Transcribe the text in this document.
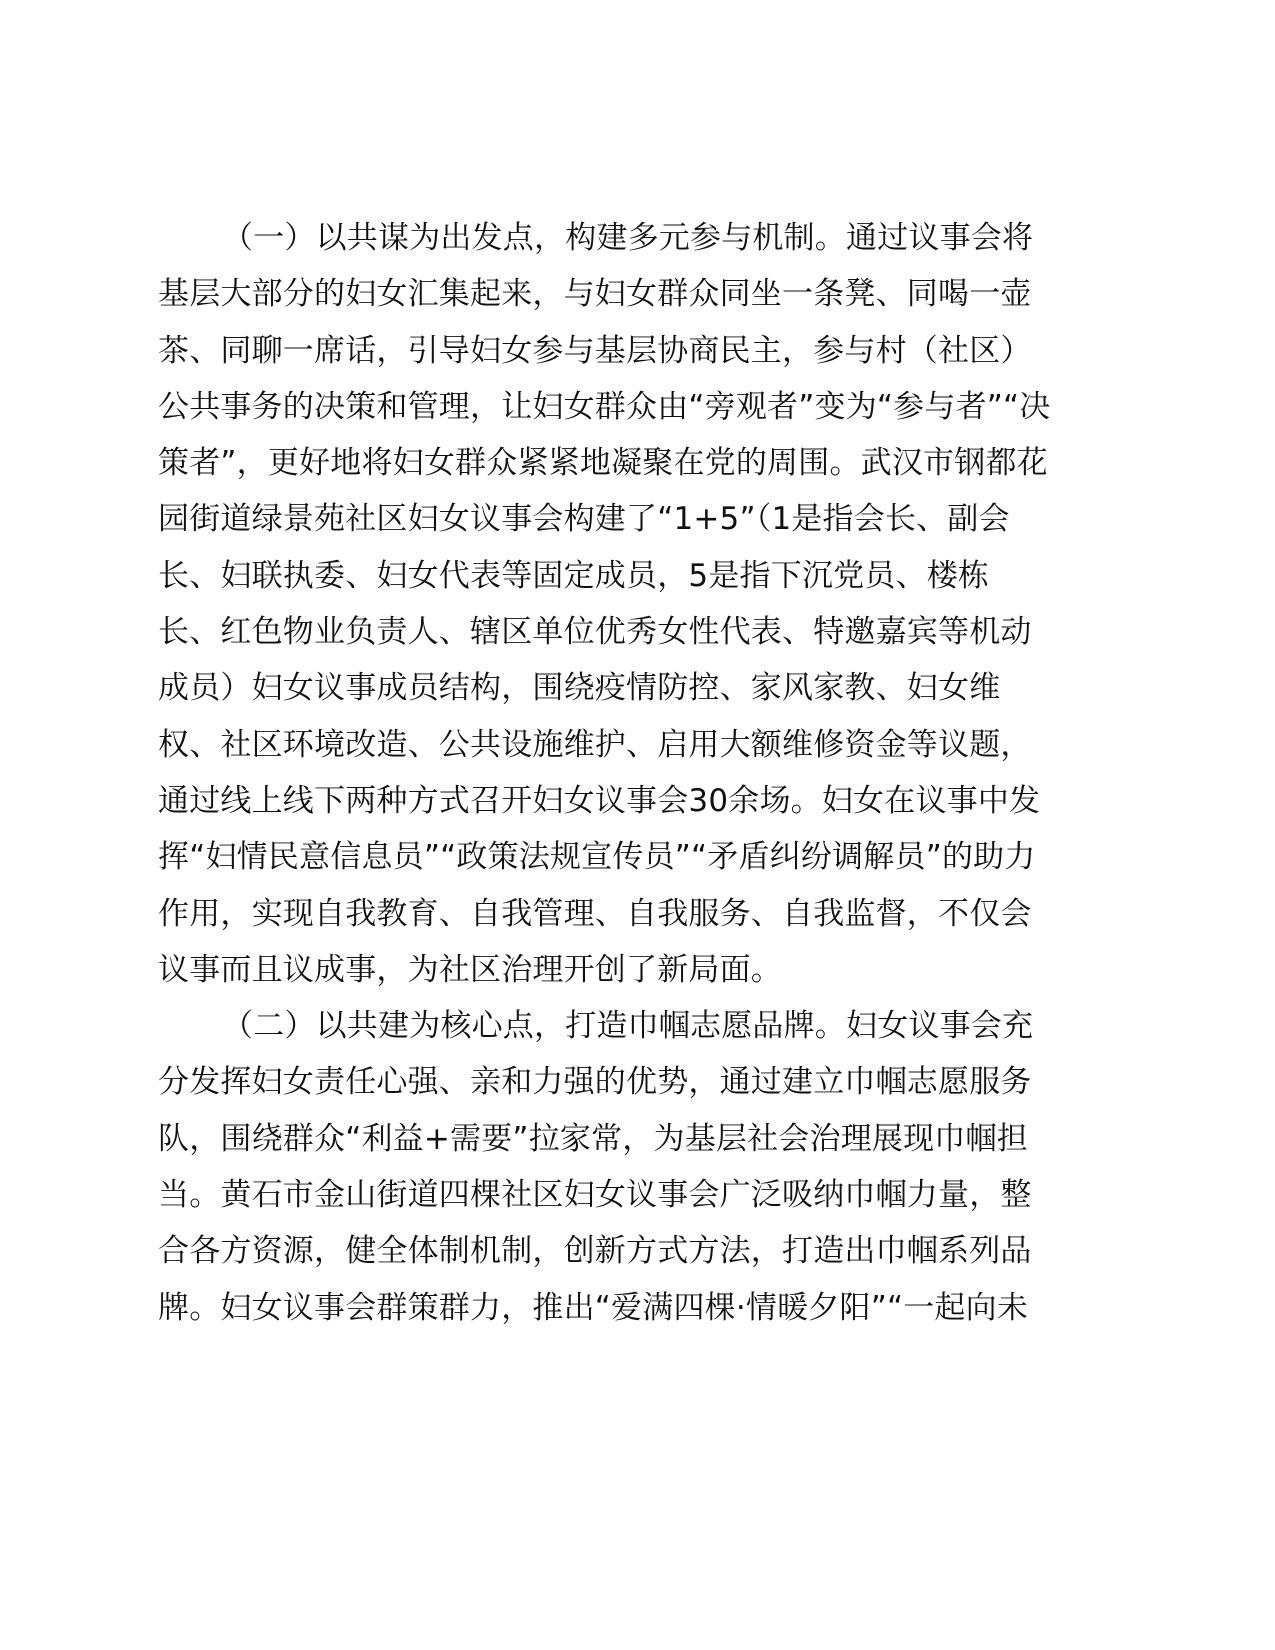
（一）以共谋为出发点，构建多元参与机制。通过议事会将
基层大部分的妇女汇集起来，与妇女群众同坐一条凳、同喝一壶
茶、同聊一席话，引导妇女参与基层协商民主，参与村（社区）
公共事务的决策和管理，让妇女群众由“旁观者”变为“参与者”“决
策者”，更好地将妇女群众紧紧地凝聚在党的周围。武汉市钢都花
园街道绿景苑社区妇女议事会构建了“1+5”（1是指会长、副会
长、妇联执委、妇女代表等固定成员，5是指下沉党员、楼栋
长、红色物业负责人、辖区单位优秀女性代表、特邀嘉宾等机动
成员）妇女议事成员结构，围绕疫情防控、家风家教、妇女维
权、社区环境改造、公共设施维护、启用大额维修资金等议题，
通过线上线下两种方式召开妇女议事会30余场。妇女在议事中发
挥“妇情民意信息员”“政策法规宣传员”“矛盾纠纷调解员”的助力
作用，实现自我教育、自我管理、自我服务、自我监督，不仅会
议事而且议成事，为社区治理开创了新局面。
（二）以共建为核心点，打造巾帼志愿品牌。妇女议事会充
分发挥妇女责任心强、亲和力强的优势，通过建立巾帼志愿服务
队，围绕群众“利益+需要”拉家常，为基层社会治理展现巾帼担
当。黄石市金山街道四棵社区妇女议事会广泛吸纳巾帼力量，整
合各方资源，健全体制机制，创新方式方法，打造出巾帼系列品
牌。妇女议事会群策群力，推出“爱满四棵·情暖夕阳”“一起向未
